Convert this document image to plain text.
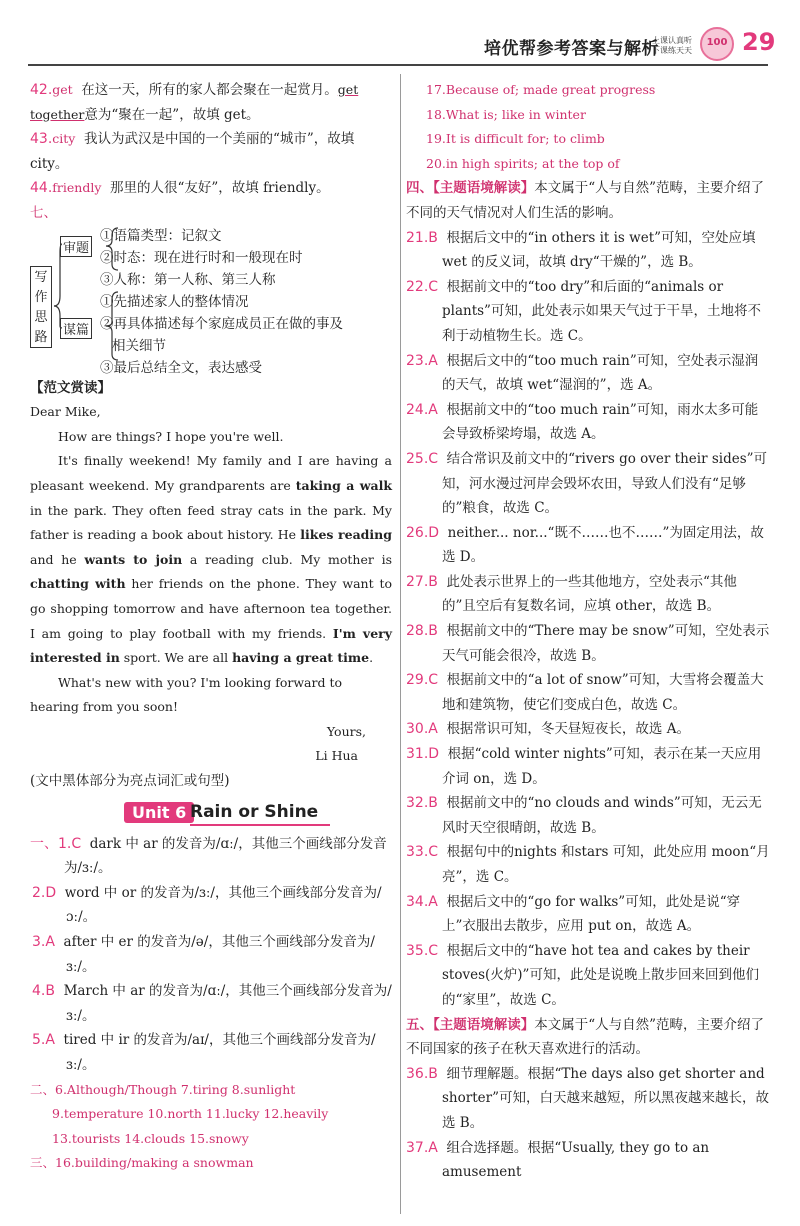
培优帮参考答案与解析
上课认真听
下课练天天
100 29
42.get 在这一天，所有的家人都会聚在一起赏月。get together意为“聚在一起”，故填 get。
43.city 我认为武汉是中国的一个美丽的“城市”，故填 city。
44.friendly 那里的人很“友好”，故填 friendly。
七、
写作思路
审题
谋篇
①语篇类型：记叙文
②时态：现在进行时和一般现在时
③人称：第一人称、第三人称
①先描述家人的整体情况
②再具体描述每个家庭成员正在做的事及
相关细节
③最后总结全文，表达感受
【范文赏读】
Dear Mike,
How are things? I hope you're well.
It's finally weekend! My family and I are having a pleasant weekend. My grandparents are taking a walk in the park. They often feed stray cats in the park. My father is reading a book about history. He likes reading and he wants to join a reading club. My mother is chatting with her friends on the phone. They want to go shopping tomorrow and have afternoon tea together. I am going to play football with my friends. I'm very interested in sport. We are all having a great time.
What's new with you? I'm looking forward to hearing from you soon!
Yours,
Li Hua
(文中黑体部分为亮点词汇或句型)
Unit 6 Rain or Shine
一、1.C dark 中 ar 的发音为/ɑː/，其他三个画线部分发音为/ɜː/。
2.D word 中 or 的发音为/ɜː/，其他三个画线部分发音为/ɔː/。
3.A after 中 er 的发音为/ə/，其他三个画线部分发音为/ɜː/。
4.B March 中 ar 的发音为/ɑː/，其他三个画线部分发音为/ɜː/。
5.A tired 中 ir 的发音为/aɪ/，其他三个画线部分发音为/ɜː/。
二、6.Although/Though 7.tiring 8.sunlight
9.temperature 10.north 11.lucky 12.heavily
13.tourists 14.clouds 15.snowy
三、16.building/making a snowman
17.Because of; made great progress
18.What is; like in winter
19.It is difficult for; to climb
20.in high spirits; at the top of
四、【主题语境解读】本文属于“人与自然”范畴，主要介绍了不同的天气情况对人们生活的影响。
21.B 根据后文中的“in others it is wet”可知，空处应填 wet 的反义词，故填 dry“干燥的”，选 B。
22.C 根据前文中的“too dry”和后面的“animals or plants”可知，此处表示如果天气过于干旱，土地将不利于动植物生长。选 C。
23.A 根据后文中的“too much rain”可知，空处表示湿润的天气，故填 wet“湿润的”，选 A。
24.A 根据前文中的“too much rain”可知，雨水太多可能会导致桥梁垮塌，故选 A。
25.C 结合常识及前文中的“rivers go over their sides”可知，河水漫过河岸会毁坏农田，导致人们没有“足够的”粮食，故选 C。
26.D neither... nor...“既不……也不……”为固定用法，故选 D。
27.B 此处表示世界上的一些其他地方，空处表示“其他的”且空后有复数名词，应填 other，故选 B。
28.B 根据前文中的“There may be snow”可知，空处表示天气可能会很冷，故选 B。
29.C 根据前文中的“a lot of snow”可知，大雪将会覆盖大地和建筑物，使它们变成白色，故选 C。
30.A 根据常识可知，冬天昼短夜长，故选 A。
31.D 根据“cold winter nights”可知，表示在某一天应用介词 on，选 D。
32.B 根据前文中的“no clouds and winds”可知，无云无风时天空很晴朗，故选 B。
33.C 根据句中的nights 和stars 可知，此处应用 moon“月亮”，选 C。
34.A 根据后文中的“go for walks”可知，此处是说“穿上”衣服出去散步，应用 put on，故选 A。
35.C 根据后文中的“have hot tea and cakes by their stoves(火炉)”可知，此处是说晚上散步回来回到他们的“家里”，故选 C。
五、【主题语境解读】本文属于“人与自然”范畴，主要介绍了不同国家的孩子在秋天喜欢进行的活动。
36.B 细节理解题。根据“The days also get shorter and shorter”可知，白天越来越短，所以黑夜越来越长，故选 B。
37.A 组合选择题。根据“Usually, they go to an amusement
